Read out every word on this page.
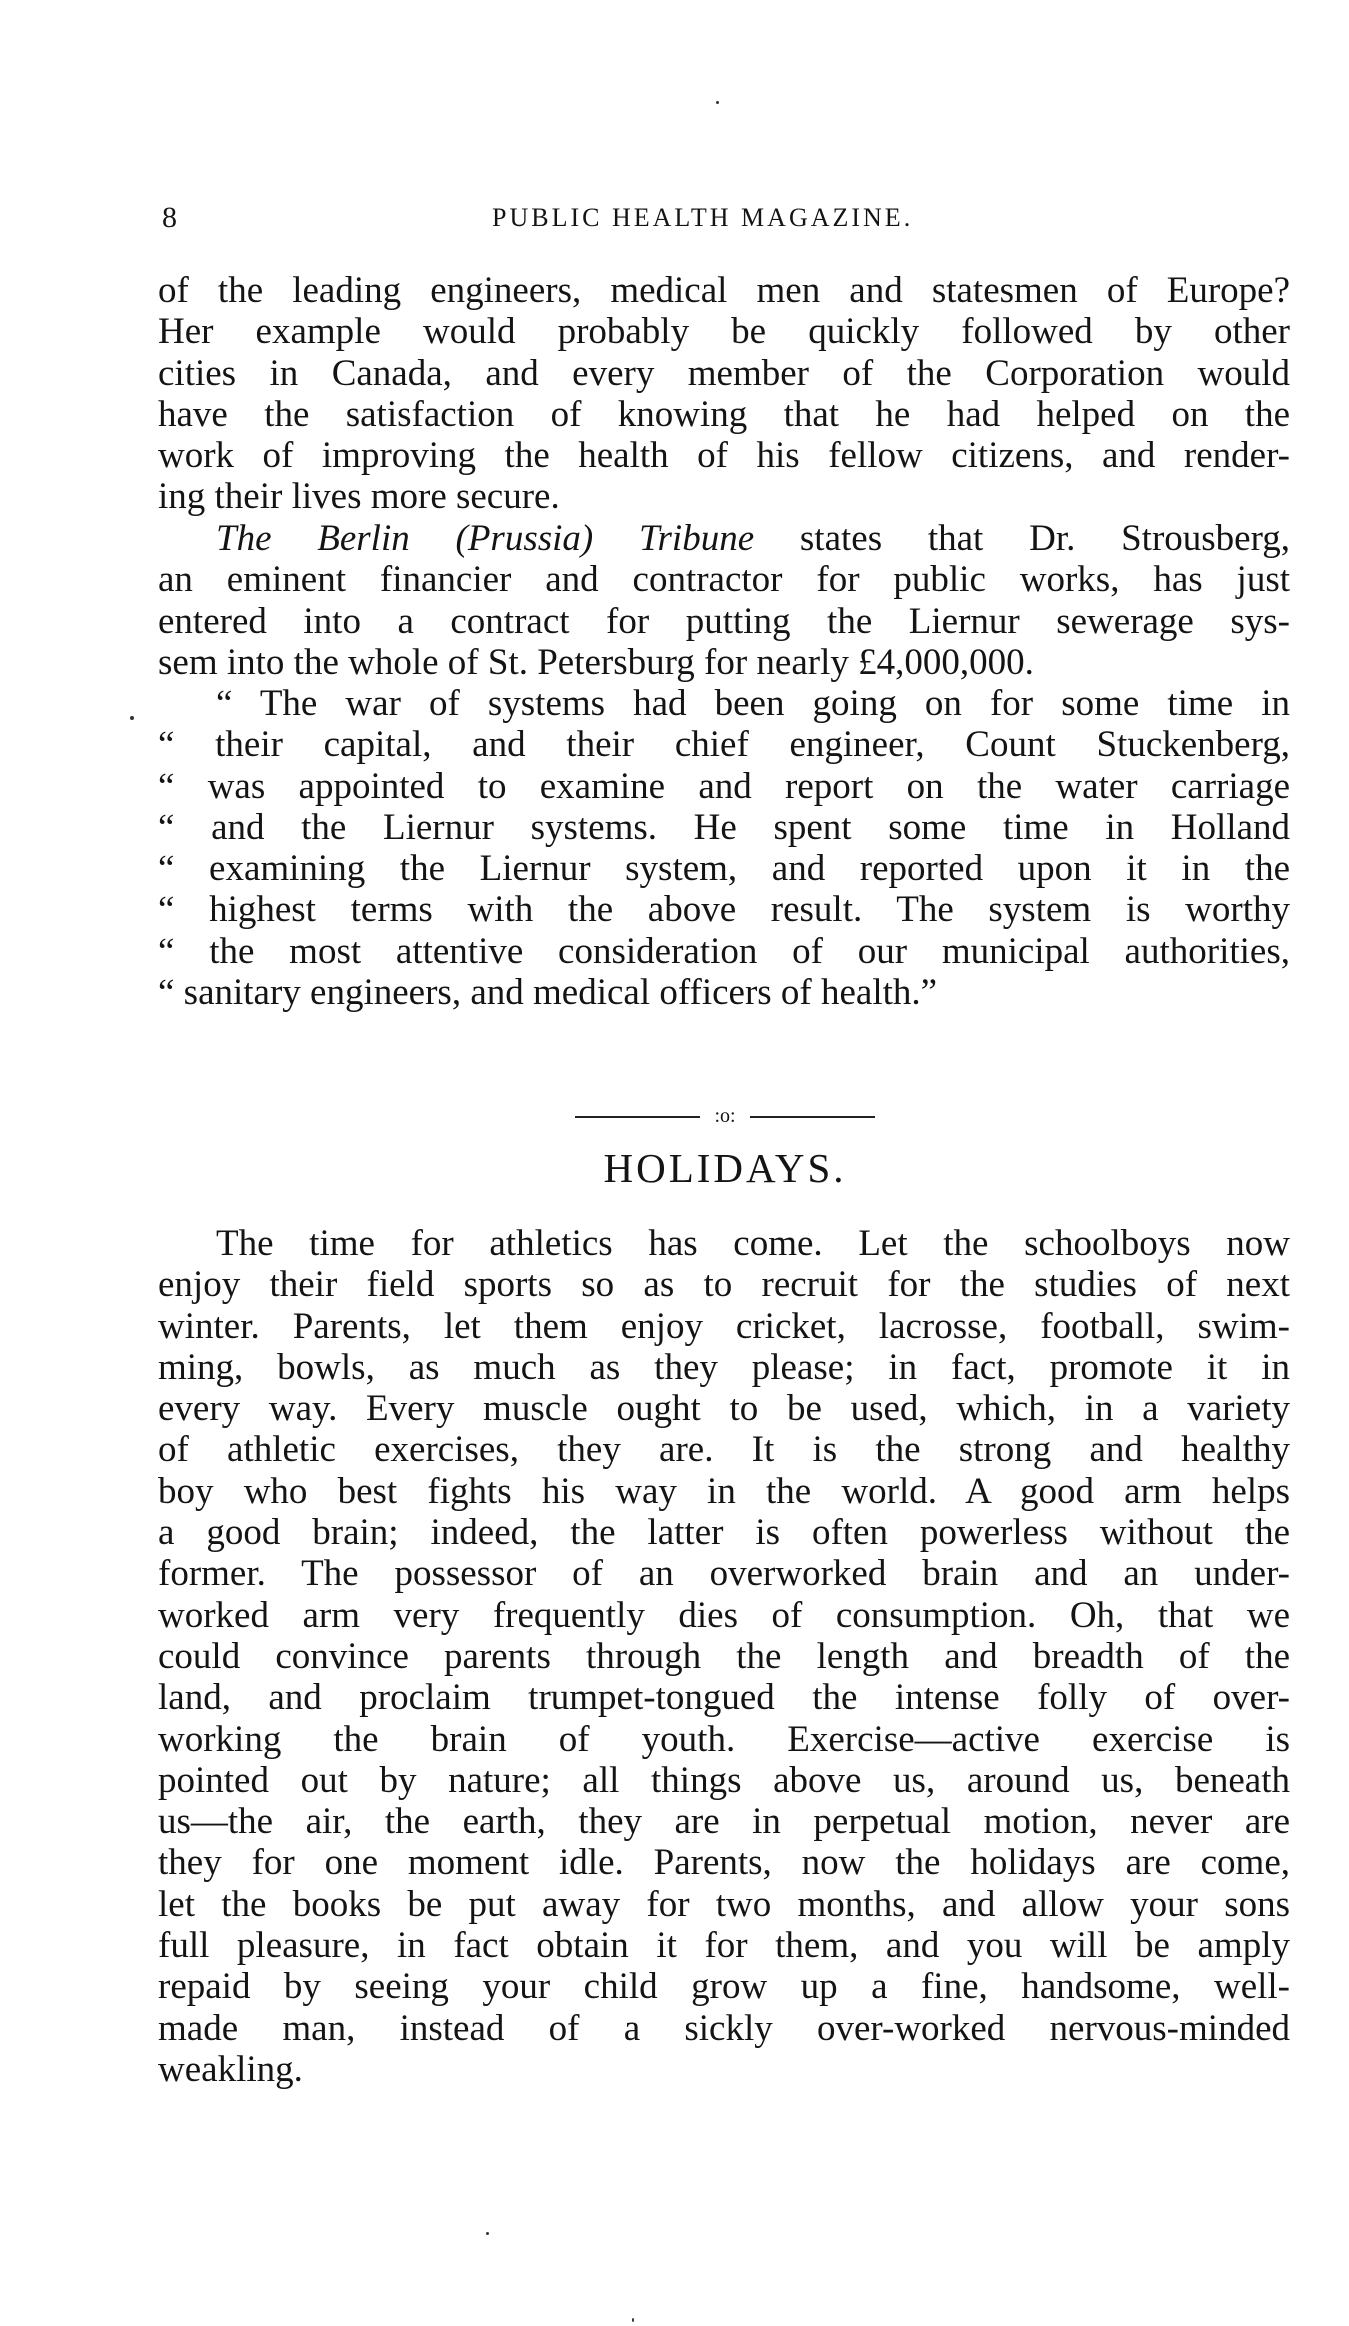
8	PUBLIC HEALTH MAGAZINE.
of the leading engineers, medical men and statesmen of Europe?
Her example would probably be quickly followed by other
cities in Canada, and every member of the Corporation would
have the satisfaction of knowing that he had helped on the
work of improving the health of his fellow citizens, and render-
ing their lives more secure.
The Berlin (Prussia) Tribune states that Dr. Strousberg,
an eminent financier and contractor for public works, has just
entered into a contract for putting the Liernur sewerage sys-
sem into the whole of St. Petersburg for nearly £4,000,000.
“ The war of systems had been going on for some time in
“ their capital, and their chief engineer, Count Stuckenberg,
“ was appointed to examine and report on the water carriage
“ and the Liernur systems. He spent some time in Holland
“ examining the Liernur system, and reported upon it in the
“ highest terms with the above result. The system is worthy
“ the most attentive consideration of our municipal authorities,
“ sanitary engineers, and medical officers of health.”
:o:
HOLIDAYS.
The time for athletics has come. Let the schoolboys now
enjoy their field sports so as to recruit for the studies of next
winter. Parents, let them enjoy cricket, lacrosse, football, swim-
ming, bowls, as much as they please; in fact, promote it in
every way. Every muscle ought to be used, which, in a variety
of athletic exercises, they are. It is the strong and healthy
boy who best fights his way in the world. A good arm helps
a good brain; indeed, the latter is often powerless without the
former. The possessor of an overworked brain and an under-
worked arm very frequently dies of consumption. Oh, that we
could convince parents through the length and breadth of the
land, and proclaim trumpet-tongued the intense folly of over-
working the brain of youth. Exercise—active exercise is
pointed out by nature; all things above us, around us, beneath
us—the air, the earth, they are in perpetual motion, never are
they for one moment idle. Parents, now the holidays are come,
let the books be put away for two months, and allow your sons
full pleasure, in fact obtain it for them, and you will be amply
repaid by seeing your child grow up a fine, handsome, well-
made man, instead of a sickly over-worked nervous-minded
weakling.
